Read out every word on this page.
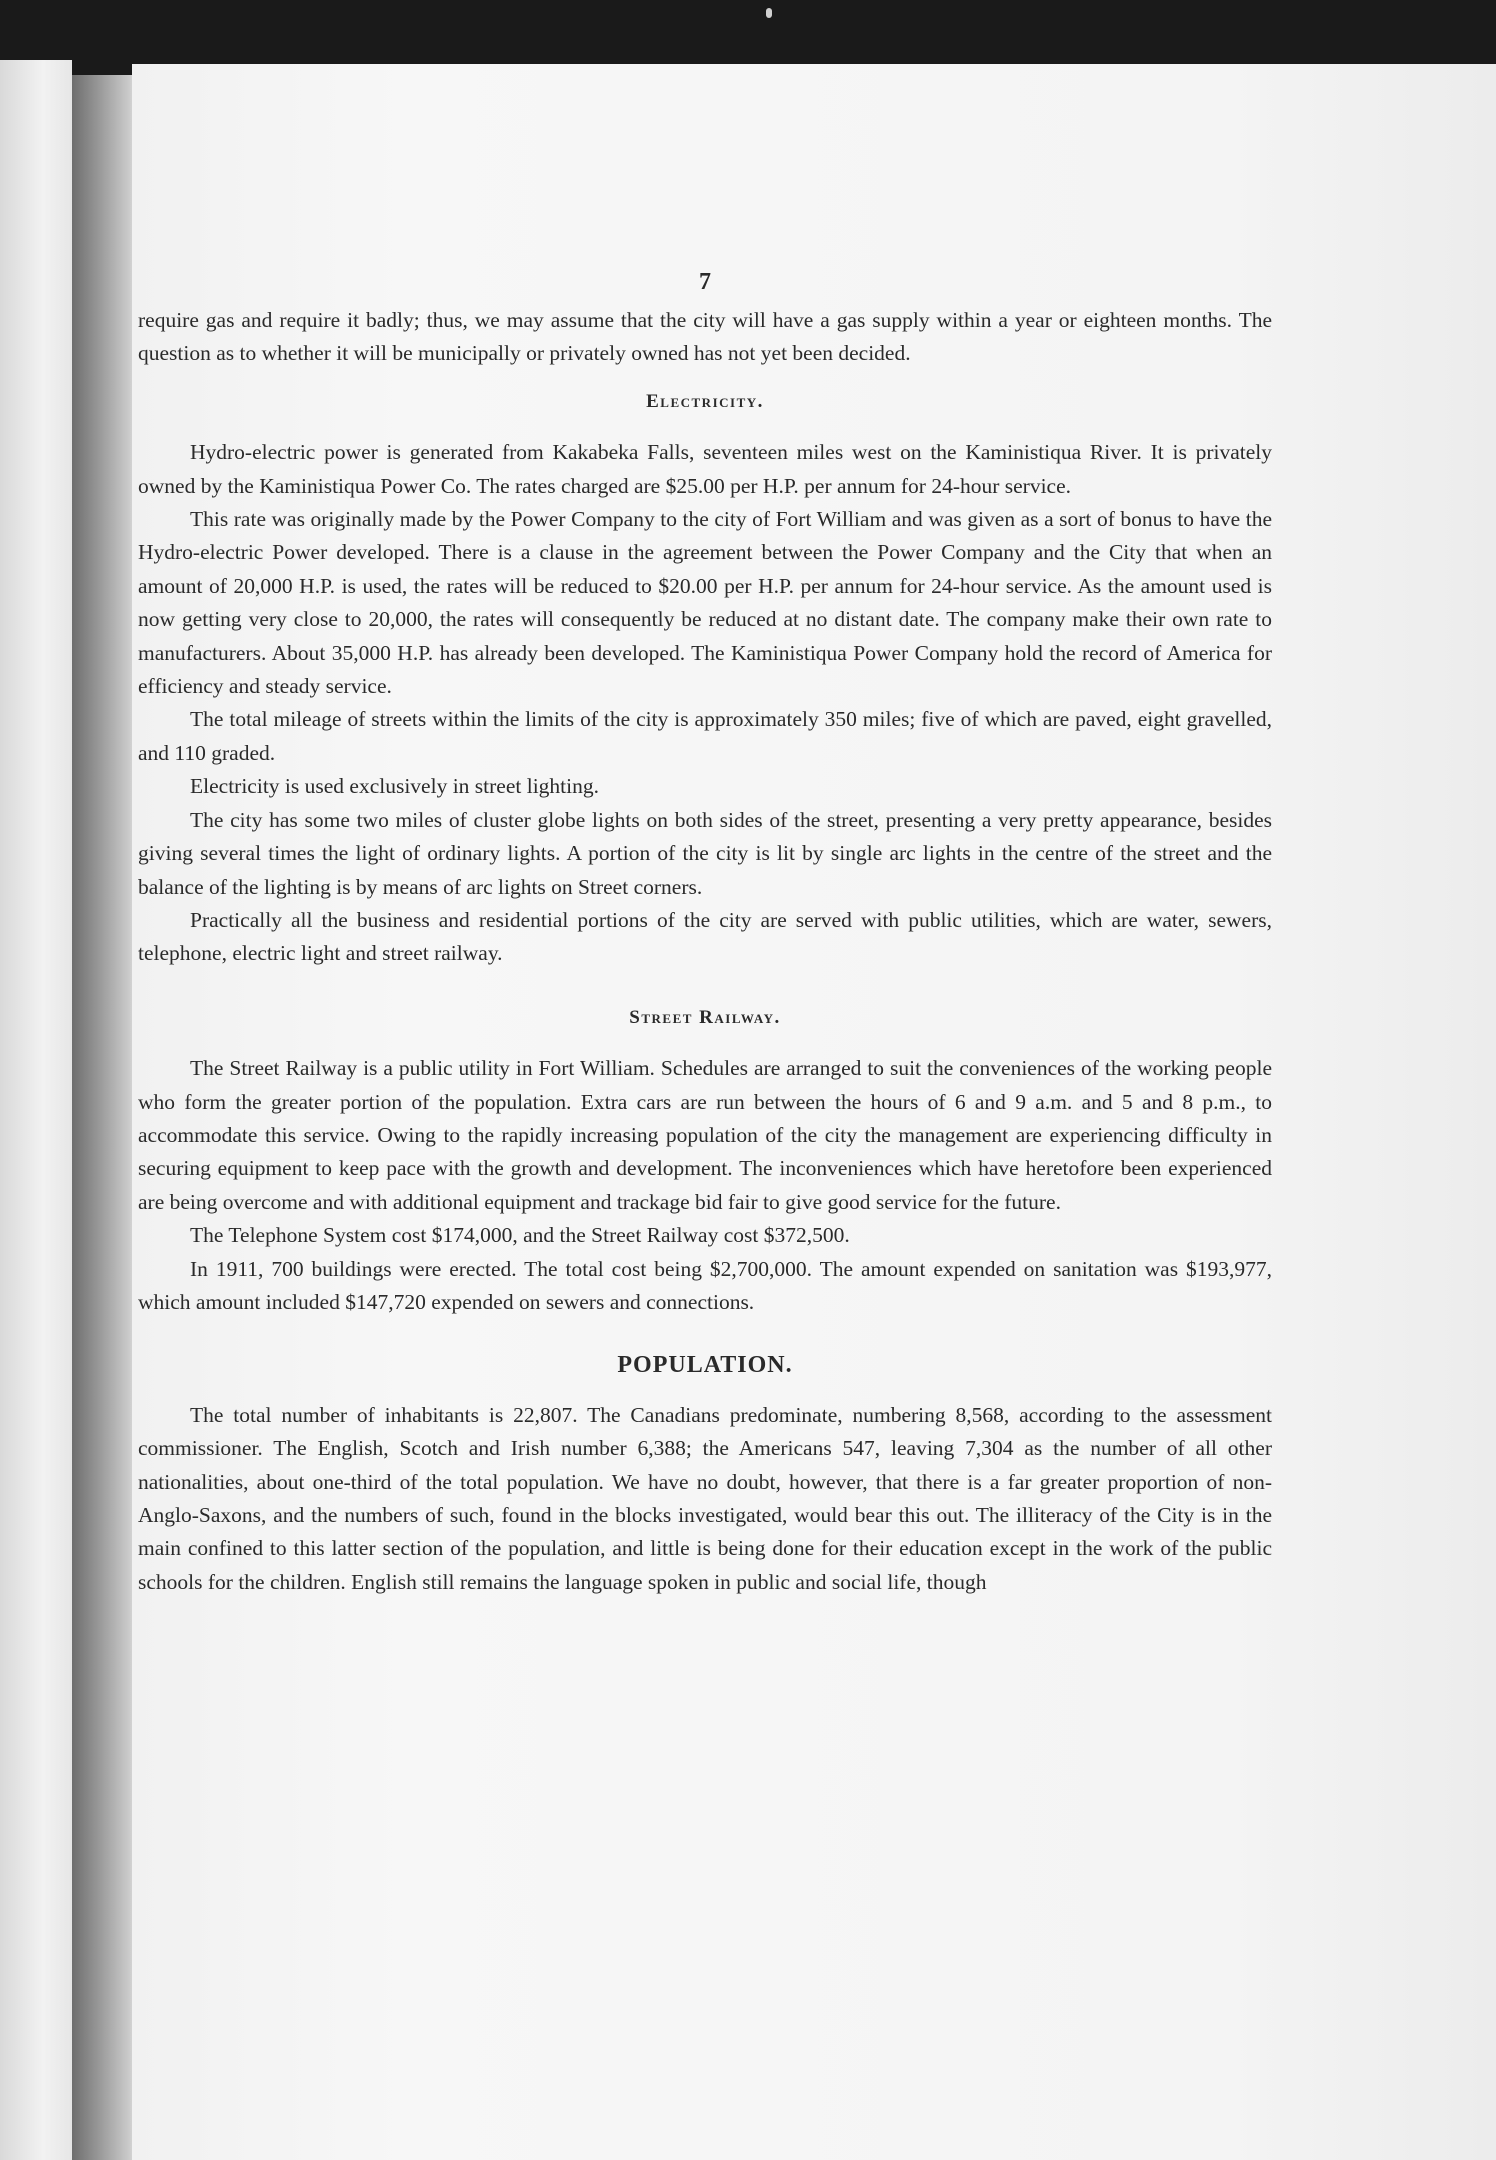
7

require gas and require it badly; thus, we may assume that the city will have a gas supply within a year or eighteen months. The question as to whether it will be municipally or privately owned has not yet been decided.

Electricity.

Hydro-electric power is generated from Kakabeka Falls, seventeen miles west on the Kaministiqua River. It is privately owned by the Kaministiqua Power Co. The rates charged are $25.00 per H.P. per annum for 24-hour service.

This rate was originally made by the Power Company to the city of Fort William and was given as a sort of bonus to have the Hydro-electric Power developed. There is a clause in the agreement between the Power Company and the City that when an amount of 20,000 H.P. is used, the rates will be reduced to $20.00 per H.P. per annum for 24-hour service. As the amount used is now getting very close to 20,000, the rates will consequently be reduced at no distant date. The company make their own rate to manufacturers. About 35,000 H.P. has already been developed. The Kaministiqua Power Company hold the record of America for efficiency and steady service.

The total mileage of streets within the limits of the city is approximately 350 miles; five of which are paved, eight gravelled, and 110 graded.

Electricity is used exclusively in street lighting.

The city has some two miles of cluster globe lights on both sides of the street, presenting a very pretty appearance, besides giving several times the light of ordinary lights. A portion of the city is lit by single arc lights in the centre of the street and the balance of the lighting is by means of arc lights on Street corners.

Practically all the business and residential portions of the city are served with public utilities, which are water, sewers, telephone, electric light and street railway.

Street Railway.

The Street Railway is a public utility in Fort William. Schedules are arranged to suit the conveniences of the working people who form the greater portion of the population. Extra cars are run between the hours of 6 and 9 a.m. and 5 and 8 p.m., to accommodate this service. Owing to the rapidly increasing population of the city the management are experiencing difficulty in securing equipment to keep pace with the growth and development. The inconveniences which have heretofore been experienced are being overcome and with additional equipment and trackage bid fair to give good service for the future.

The Telephone System cost $174,000, and the Street Railway cost $372,500.

In 1911, 700 buildings were erected. The total cost being $2,700,000. The amount expended on sanitation was $193,977, which amount included $147,720 expended on sewers and connections.

POPULATION.

The total number of inhabitants is 22,807. The Canadians predominate, numbering 8,568, according to the assessment commissioner. The English, Scotch and Irish number 6,388; the Americans 547, leaving 7,304 as the number of all other nationalities, about one-third of the total population. We have no doubt, however, that there is a far greater proportion of non-Anglo-Saxons, and the numbers of such, found in the blocks investigated, would bear this out. The illiteracy of the City is in the main confined to this latter section of the population, and little is being done for their education except in the work of the public schools for the children. English still remains the language spoken in public and social life, though
